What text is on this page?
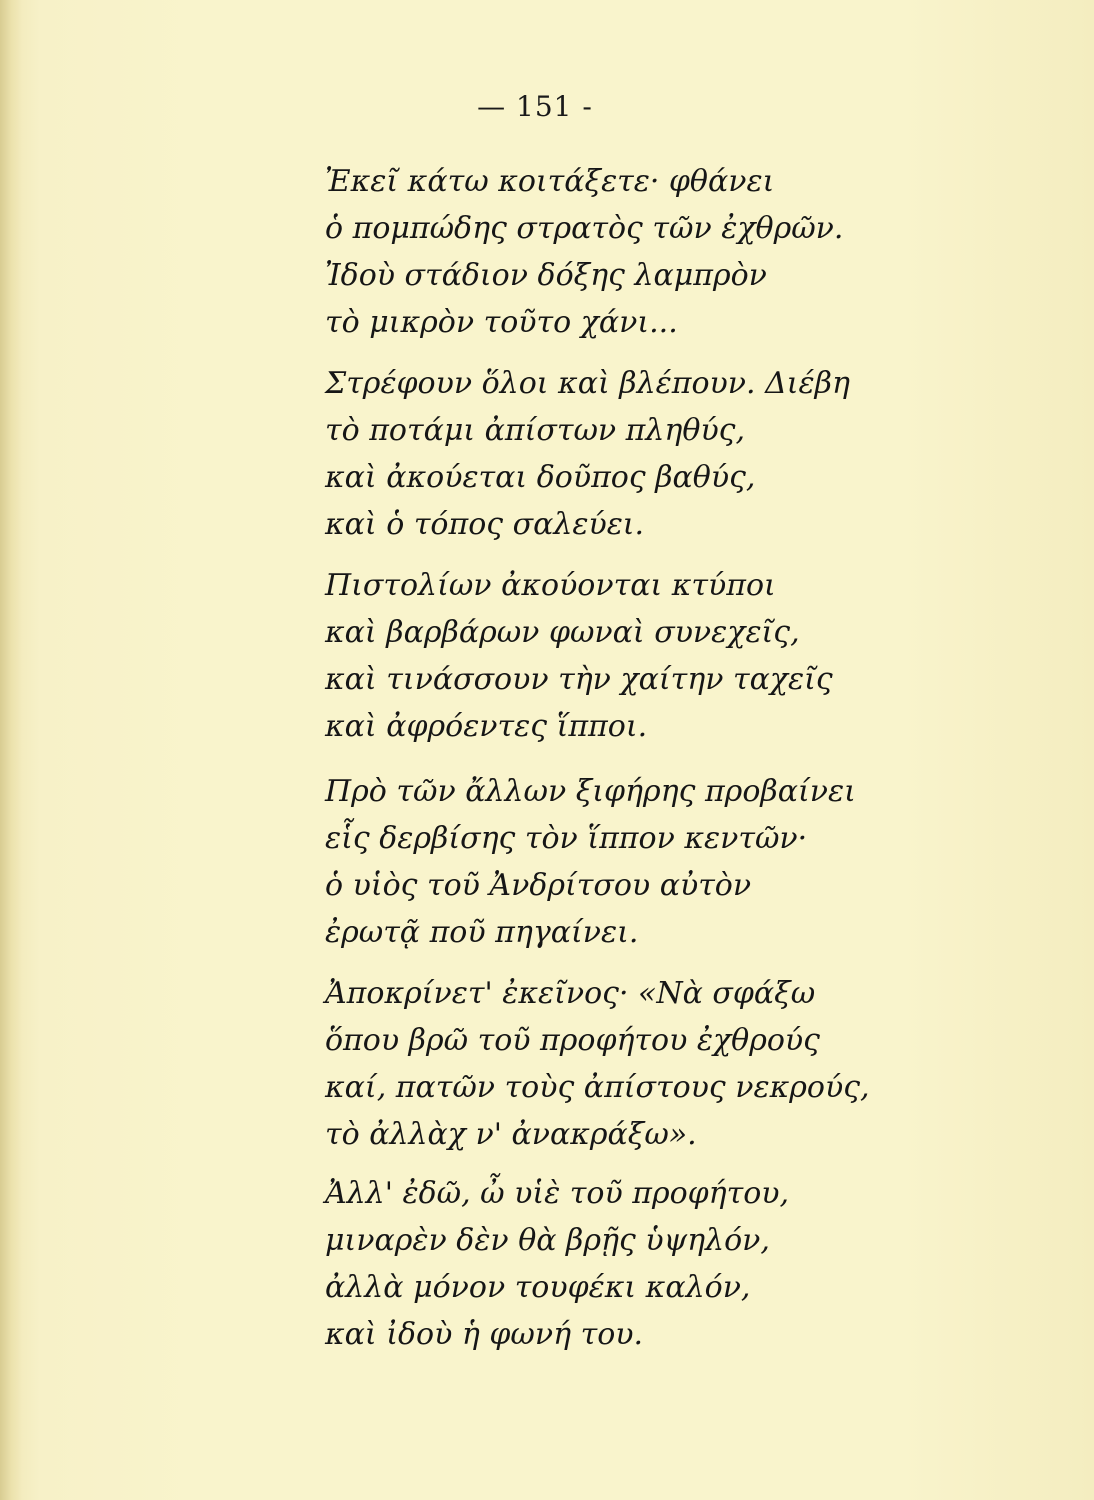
— 151 -
Ἐκεῖ κάτω κοιτάξετε· φθάνει
ὁ πομπώδης στρατὸς τῶν ἐχθρῶν.
Ἰδοὺ στάδιον δόξης λαμπρὸν
τὸ μικρὸν τοῦτο χάνι...
Στρέφουν ὅλοι καὶ βλέπουν. Διέβη
τὸ ποτάμι ἀπίστων πληθύς,
καὶ ἀκούεται δοῦπος βαθύς,
καὶ ὁ τόπος σαλεύει.
Πιστολίων ἀκούονται κτύποι
καὶ βαρβάρων φωναὶ συνεχεῖς,
καὶ τινάσσουν τὴν χαίτην ταχεῖς
καὶ ἀφρόεντες ἵπποι.
Πρὸ τῶν ἄλλων ξιφήρης προβαίνει
εἷς δερβίσης τὸν ἵππον κεντῶν·
ὁ υἱὸς τοῦ Ἀνδρίτσου αὐτὸν
ἐρωτᾷ ποῦ πηγαίνει.
Ἀποκρίνετ' ἐκεῖνος· «Νὰ σφάξω
ὅπου βρῶ τοῦ προφήτου ἐχθρούς
καί, πατῶν τοὺς ἀπίστους νεκρούς,
τὸ ἀλλὰχ ν' ἀνακράξω».
Ἀλλ' ἐδῶ, ὦ υἱὲ τοῦ προφήτου,
μιναρὲν δὲν θὰ βρῇς ὑψηλόν,
ἀλλὰ μόνον τουφέκι καλόν,
καὶ ἰδοὺ ἡ φωνή του.
